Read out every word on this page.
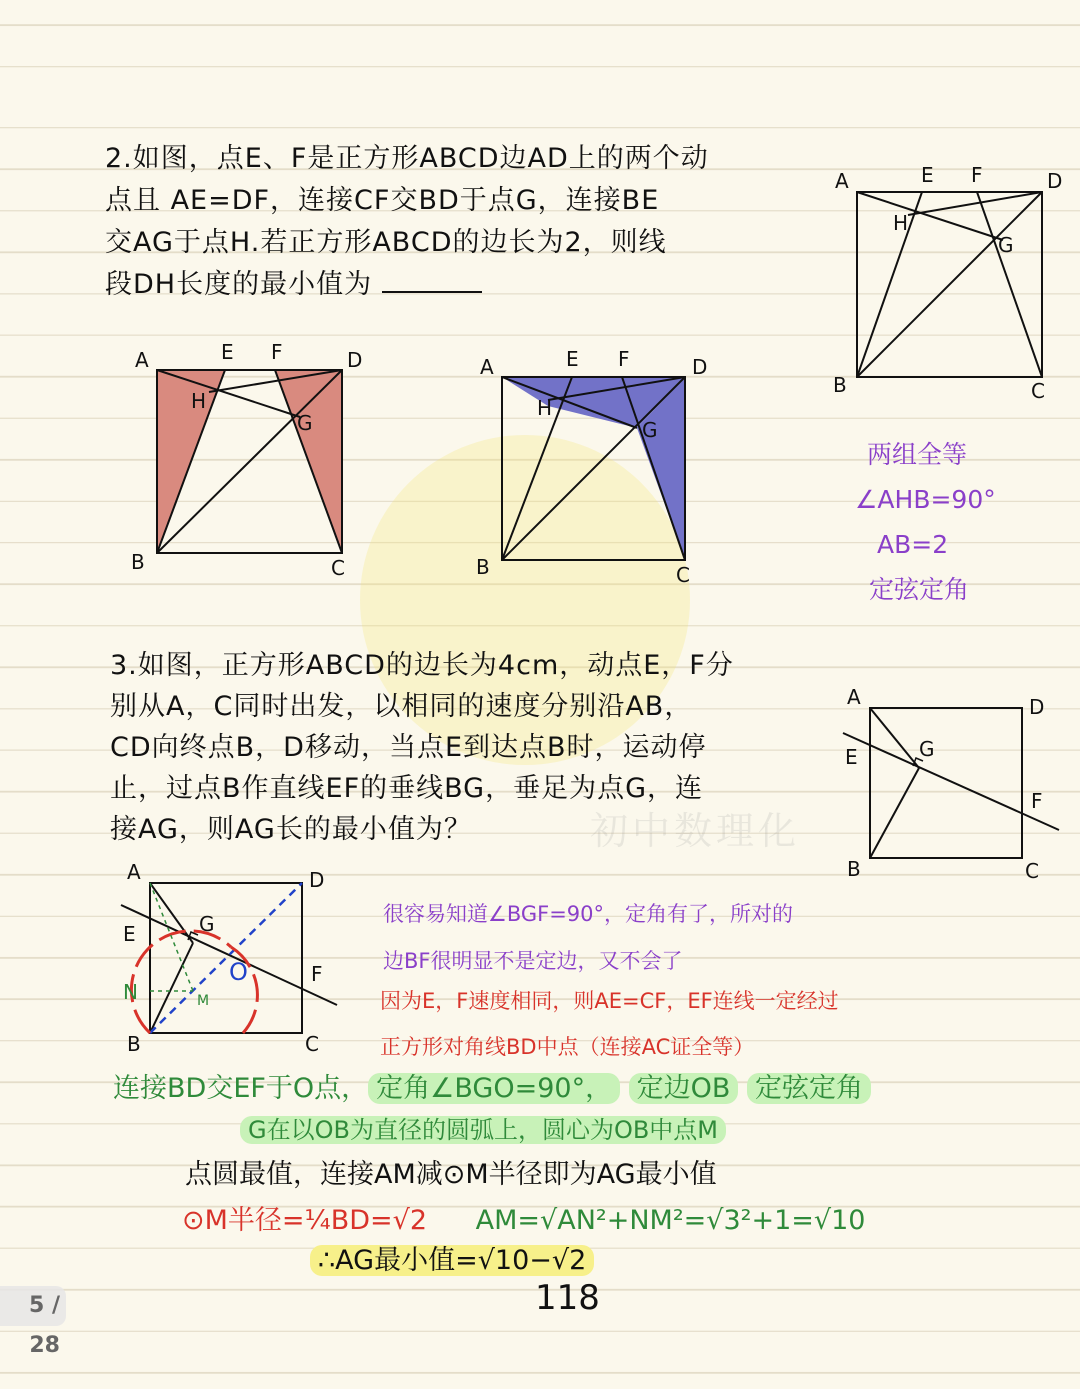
初中数理化
2.如图，点E、F是正方形ABCD边AD上的两个动
点且 AE=DF，连接CF交BD于点G，连接BE
交AG于点H.若正方形ABCD的边长为2，则线
段DH长度的最小值为
A	E F	D
H
G
B	C
A	E F	D
H
G
B	C
A	E F	D
H
G
B	C
两组全等
∠AHB=90°
AB=2
定弦定角
3.如图，正方形ABCD的边长为4cm，动点E，F分
别从A，C同时出发，以相同的速度分别沿AB，
CD向终点B，D移动，当点E到达点B时，运动停
止，过点B作直线EF的垂线BG，垂足为点G，连
接AG，则AG长的最小值为？
A	D
E	G
F
B	C
O
A	D
E	G
F
B	C
N	M
很容易知道∠BGF=90°，定角有了，所对的
边BF很明显不是定边，又不会了
因为E，F速度相同，则AE=CF，EF连线一定经过
正方形对角线BD中点（连接AC证全等）
连接BD交EF于O点， 定角∠BGO=90°， 定边OB 定弦定角
G在以OB为直径的圆弧上，圆心为OB中点M
点圆最值，连接AM减⊙M半径即为AG最小值
⊙M半径=¼BD=√2 AM=√AN²+NM²=√3²+1=√10
∴AG最小值=√10−√2
118
5 / 28
